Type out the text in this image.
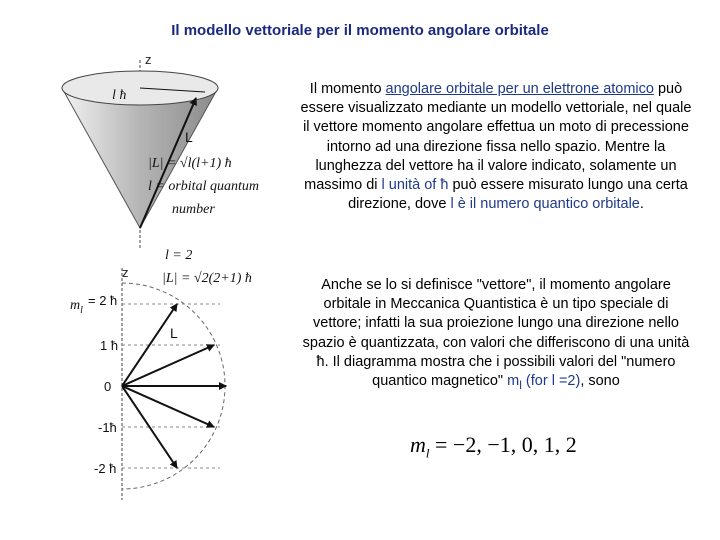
Il modello vettoriale per il momento angolare orbitale
z
l ħ
L
|L| = √l(l+1) ħ
l = orbital quantum
number
l = 2
|L| = √2(2+1) ħ
z
L
$m_l$
= 2 ħ
1 ħ
0
-1ħ
-2 ħ
Il momento angolare orbitale per un elettrone atomico può essere visualizzato mediante un modello vettoriale, nel quale il vettore momento angolare effettua un moto di precessione intorno ad una direzione fissa nello spazio. Mentre la lunghezza del vettore ha il valore indicato, solamente un massimo di l unità of ħ può essere misurato lungo una certa direzione, dove l è il numero quantico orbitale.
Anche se lo si definisce "vettore", il momento angolare orbitale in Meccanica Quantistica è un tipo speciale di vettore; infatti la sua proiezione lungo una direzione nello spazio è quantizzata, con valori che differiscono di una unità ħ. Il diagramma mostra che i possibili valori del "numero quantico magnetico" $m_l$ (for l =2), sono
$m_l = -2$, −1, 0, 1, 2
